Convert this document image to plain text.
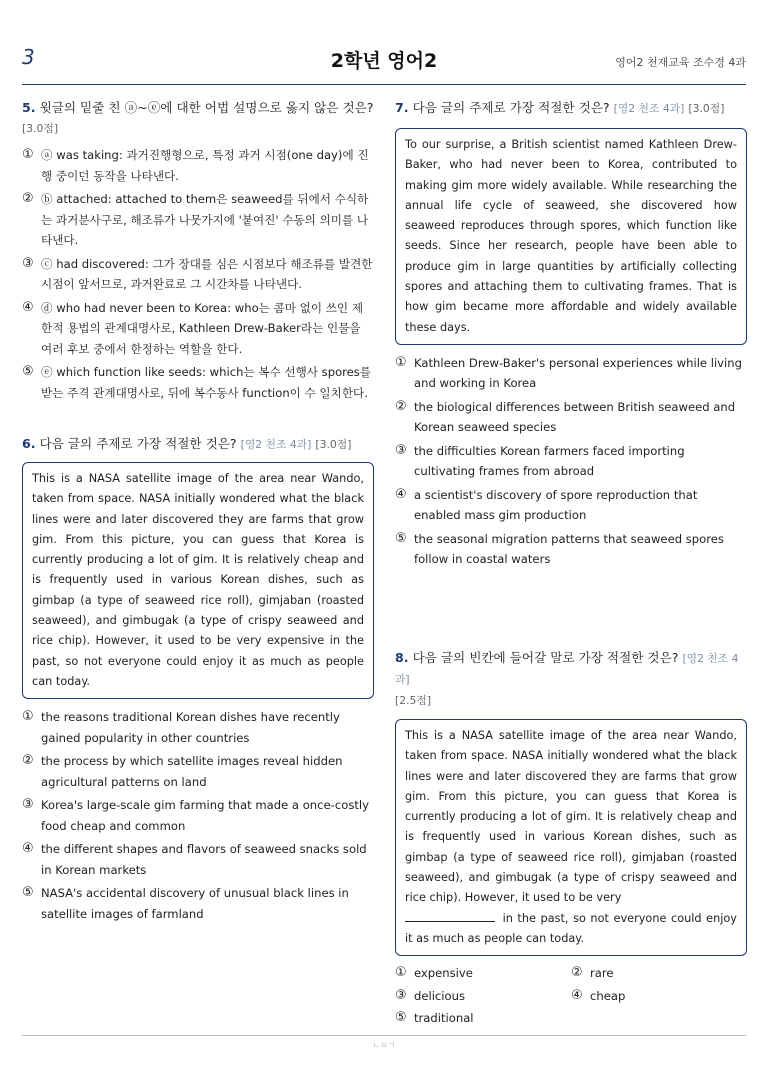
3	2학년 영어2	영어2 천재교육 조수경 4과
5. 윗글의 밑줄 친 ⓐ~ⓔ에 대한 어법 설명으로 옳지 않은 것은?
[3.0점]
① ⓐ was taking: 과거진행형으로, 특정 과거 시점(one day)에 진행 중이던 동작을 나타낸다.
② ⓑ attached: attached to them은 seaweed를 뒤에서 수식하는 과거분사구로, 해조류가 나뭇가지에 '붙여진' 수동의 의미를 나타낸다.
③ ⓒ had discovered: 그가 장대를 심은 시점보다 해조류를 발견한 시점이 앞서므로, 과거완료로 그 시간차를 나타낸다.
④ ⓓ who had never been to Korea: who는 콤마 없이 쓰인 제한적 용법의 관계대명사로, Kathleen Drew-Baker라는 인물을 여러 후보 중에서 한정하는 역할을 한다.
⑤ ⓔ which function like seeds: which는 복수 선행사 spores를 받는 주격 관계대명사로, 뒤에 복수동사 function이 수 일치한다.
6. 다음 글의 주제로 가장 적절한 것은? [영2 천조 4과] [3.0점]
This is a NASA satellite image of the area near Wando, taken from space. NASA initially wondered what the black lines were and later discovered they are farms that grow gim. From this picture, you can guess that Korea is currently producing a lot of gim. It is relatively cheap and is frequently used in various Korean dishes, such as gimbap (a type of seaweed rice roll), gimjaban (roasted seaweed), and gimbugak (a type of crispy seaweed and rice chip). However, it used to be very expensive in the past, so not everyone could enjoy it as much as people can today.
① the reasons traditional Korean dishes have recently gained popularity in other countries
② the process by which satellite images reveal hidden agricultural patterns on land
③ Korea's large-scale gim farming that made a once-costly food cheap and common
④ the different shapes and flavors of seaweed snacks sold in Korean markets
⑤ NASA's accidental discovery of unusual black lines in satellite images of farmland
7. 다음 글의 주제로 가장 적절한 것은? [영2 천조 4과] [3.0점]
To our surprise, a British scientist named Kathleen Drew-Baker, who had never been to Korea, contributed to making gim more widely available. While researching the annual life cycle of seaweed, she discovered how seaweed reproduces through spores, which function like seeds. Since her research, people have been able to produce gim in large quantities by artificially collecting spores and attaching them to cultivating frames. That is how gim became more affordable and widely available these days.
① Kathleen Drew-Baker's personal experiences while living and working in Korea
② the biological differences between British seaweed and Korean seaweed species
③ the difficulties Korean farmers faced importing cultivating frames from abroad
④ a scientist's discovery of spore reproduction that enabled mass gim production
⑤ the seasonal migration patterns that seaweed spores follow in coastal waters
8. 다음 글의 빈칸에 들어갈 말로 가장 적절한 것은? [영2 천조 4과]
[2.5점]
This is a NASA satellite image of the area near Wando, taken from space. NASA initially wondered what the black lines were and later discovered they are farms that grow gim. From this picture, you can guess that Korea is currently producing a lot of gim. It is relatively cheap and is frequently used in various Korean dishes, such as gimbap (a type of seaweed rice roll), gimjaban (roasted seaweed), and gimbugak (a type of crispy seaweed and rice chip). However, it used to be very
in the past, so not everyone could enjoy it as much as people can today.
① expensive	② rare
③ delicious	④ cheap
⑤ traditional
ㄴㅇㄱ
